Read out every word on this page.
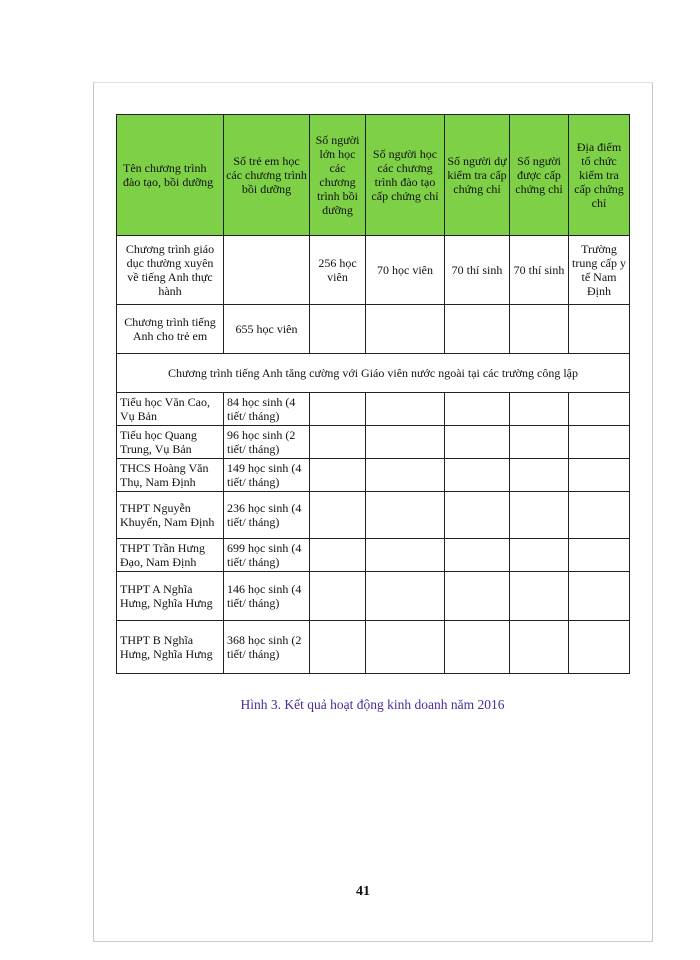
Tên chương trình đào tạo, bồi dưỡng	Số trẻ em học các chương trình bồi dưỡng	Số người lớn học các chương trình bồi dưỡng	Số người học các chương trình đào tạo cấp chứng chỉ	Số người dự kiểm tra cấp chứng chỉ	Số người được cấp chứng chỉ	Địa điểm tổ chức kiểm tra cấp chứng chỉ
Chương trình giáo dục thường xuyên về tiếng Anh thực hành		256 học viên	70 học viên	70 thí sinh	70 thí sinh	Trường trung cấp y tế Nam Định
Chương trình tiếng Anh cho trẻ em	655 học viên					
Chương trình tiếng Anh tăng cường với Giáo viên nước ngoài tại các trường công lập						
Tiểu học Văn Cao, Vụ Bản	84 học sinh (4 tiết/ tháng)					
Tiểu học Quang Trung, Vụ Bản	96 học sinh (2 tiết/ tháng)					
THCS Hoàng Văn Thụ, Nam Định	149 học sinh (4 tiết/ tháng)					
THPT Nguyễn Khuyến, Nam Định	236 học sinh (4 tiết/ tháng)					
THPT Trần Hưng Đạo, Nam Định	699 học sinh (4 tiết/ tháng)					
THPT A Nghĩa Hưng, Nghĩa Hưng	146 học sinh (4 tiết/ tháng)					
THPT B Nghĩa Hưng, Nghĩa Hưng	368 học sinh (2 tiết/ tháng)					
Hình 3. Kết quả hoạt động kinh doanh năm 2016
41
